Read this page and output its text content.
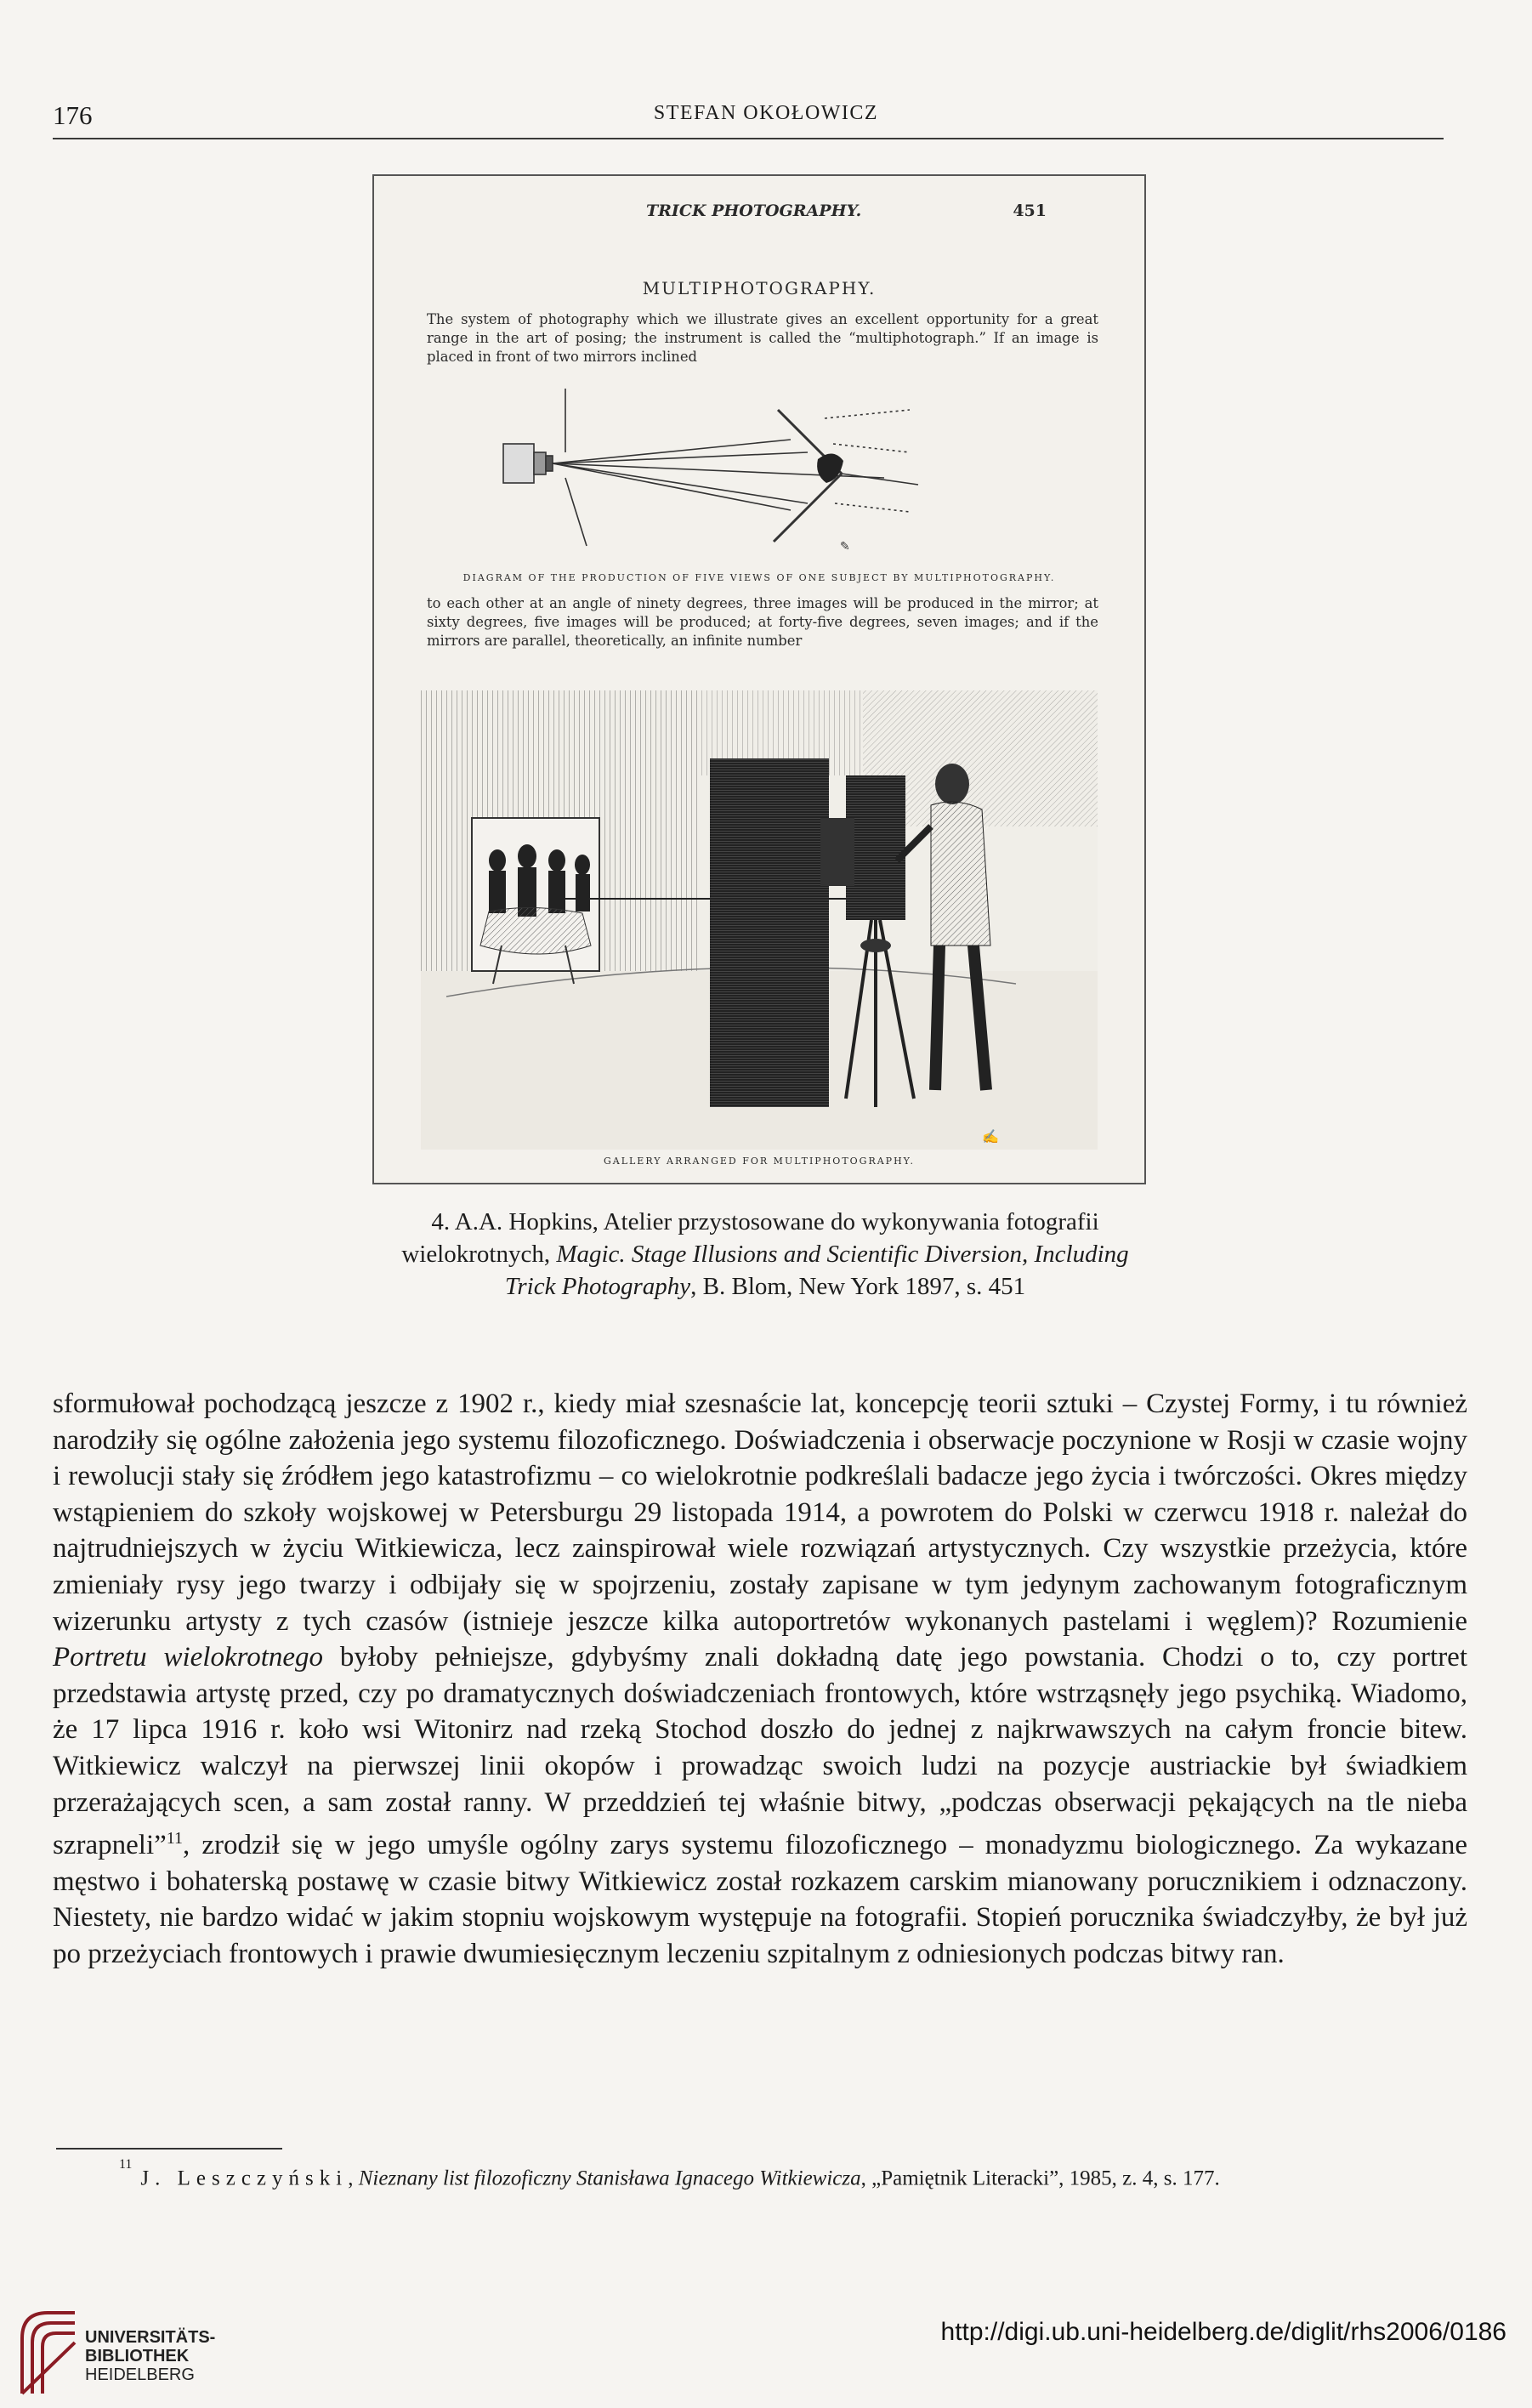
176	STEFAN OKOŁOWICZ
TRICK PHOTOGRAPHY.	451
MULTIPHOTOGRAPHY.
The system of photography which we illustrate gives an excellent opportunity for a great range in the art of posing; the instrument is called the “multiphotograph.” If an image is placed in front of two mirrors inclined
✎
DIAGRAM OF THE PRODUCTION OF FIVE VIEWS OF ONE SUBJECT BY MULTIPHOTOGRAPHY.
to each other at an angle of ninety degrees, three images will be produced in the mirror; at sixty degrees, five images will be produced; at forty-five degrees, seven images; and if the mirrors are parallel, theoretically, an infinite number
✍
GALLERY ARRANGED FOR MULTIPHOTOGRAPHY.
4. A.A. Hopkins, Atelier przystosowane do wykonywania fotografii wielokrotnych, Magic. Stage Illusions and Scientific Diversion, Including Trick Photography, B. Blom, New York 1897, s. 451
sformułował pochodzącą jeszcze z 1902 r., kiedy miał szesnaście lat, koncepcję teorii sztuki – Czystej Formy, i tu również narodziły się ogólne założenia jego systemu filozoficznego. Doświadczenia i obserwacje poczynione w Rosji w czasie wojny i rewolucji stały się źródłem jego katastrofizmu – co wielokrotnie podkreślali badacze jego życia i twórczości. Okres między wstąpieniem do szkoły wojskowej w Petersburgu 29 listopada 1914, a powrotem do Polski w czerwcu 1918 r. należał do najtrudniejszych w życiu Witkiewicza, lecz zainspirował wiele rozwiązań artystycznych. Czy wszystkie przeżycia, które zmieniały rysy jego twarzy i odbijały się w spojrzeniu, zostały zapisane w tym jedynym zachowanym fotograficznym wizerunku artysty z tych czasów (istnieje jeszcze kilka autoportretów wykonanych pastelami i węglem)? Rozumienie Portretu wielokrotnego byłoby pełniejsze, gdybyśmy znali dokładną datę jego powstania. Chodzi o to, czy portret przedstawia artystę przed, czy po dramatycznych doświadczeniach frontowych, które wstrząsnęły jego psychiką. Wiadomo, że 17 lipca 1916 r. koło wsi Witonirz nad rzeką Stochod doszło do jednej z najkrwawszych na całym froncie bitew. Witkiewicz walczył na pierwszej linii okopów i prowadząc swoich ludzi na pozycje austriackie był świadkiem przerażających scen, a sam został ranny. W przeddzień tej właśnie bitwy, „podczas obserwacji pękających na tle nieba szrapneli”$^{11}$, zrodził się w jego umyśle ogólny zarys systemu filozoficznego – monadyzmu biologicznego. Za wykazane męstwo i bohaterską postawę w czasie bitwy Witkiewicz został rozkazem carskim mianowany porucznikiem i odznaczony. Niestety, nie bardzo widać w jakim stopniu wojskowym występuje na fotografii. Stopień porucznika świadczyłby, że był już po przeżyciach frontowych i prawie dwumiesięcznym leczeniu szpitalnym z odniesionych podczas bitwy ran.
$^{11}$J. Leszczyński, Nieznany list filozoficzny Stanisława Ignacego Witkiewicza, „Pamiętnik Literacki”, 1985, z. 4, s. 177.
UNIVERSITÄTS-
BIBLIOTHEK
HEIDELBERG
http://digi.ub.uni-heidelberg.de/diglit/rhs2006/0186
